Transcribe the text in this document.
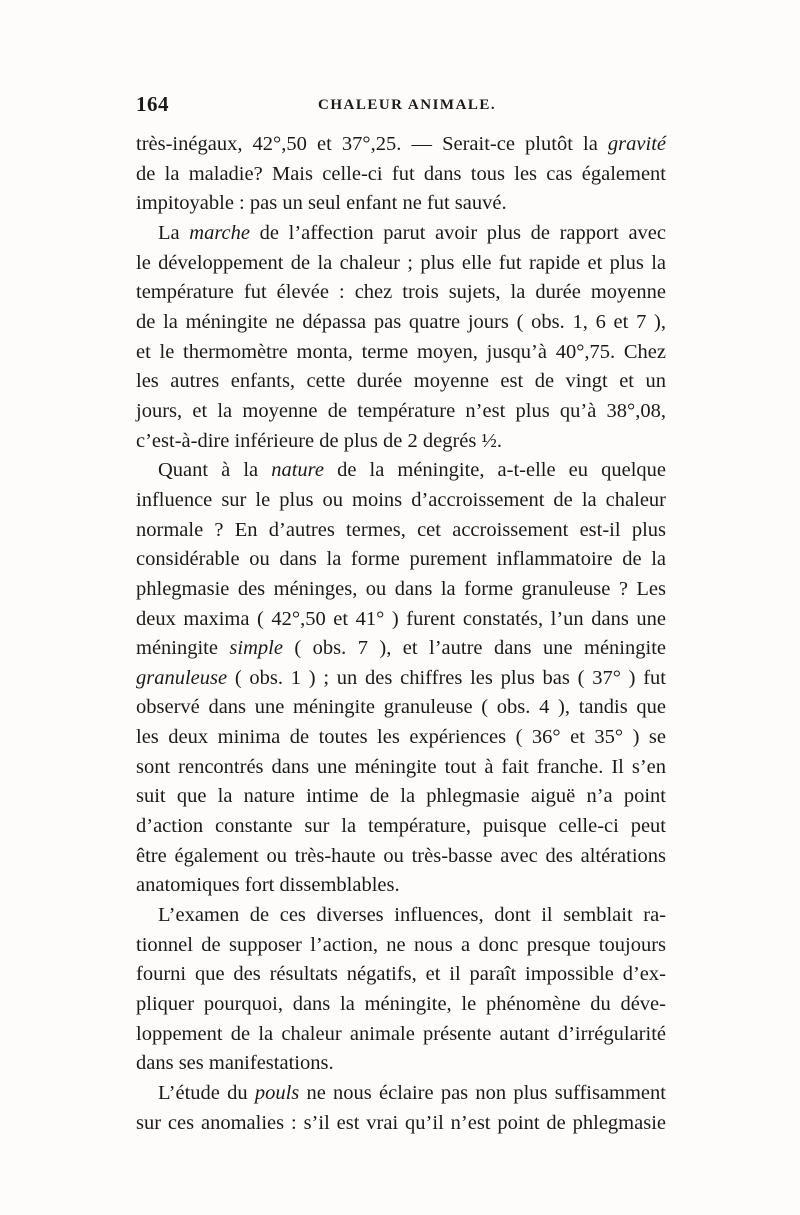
164	CHALEUR ANIMALE.
très-inégaux, 42°,50 et 37°,25. — Serait-ce plutôt la gravité
de la maladie? Mais celle-ci fut dans tous les cas également
impitoyable : pas un seul enfant ne fut sauvé.
La marche de l’affection parut avoir plus de rapport avec
le développement de la chaleur ; plus elle fut rapide et plus la
température fut élevée : chez trois sujets, la durée moyenne
de la méningite ne dépassa pas quatre jours ( obs. 1, 6 et 7 ),
et le thermomètre monta, terme moyen, jusqu’à 40°,75. Chez
les autres enfants, cette durée moyenne est de vingt et un
jours, et la moyenne de température n’est plus qu’à 38°,08,
c’est-à-dire inférieure de plus de 2 degrés ½.
Quant à la nature de la méningite, a-t-elle eu quelque
influence sur le plus ou moins d’accroissement de la chaleur
normale ? En d’autres termes, cet accroissement est-il plus
considérable ou dans la forme purement inflammatoire de la
phlegmasie des méninges, ou dans la forme granuleuse ? Les
deux maxima ( 42°,50 et 41° ) furent constatés, l’un dans une
méningite simple ( obs. 7 ), et l’autre dans une méningite
granuleuse ( obs. 1 ) ; un des chiffres les plus bas ( 37° ) fut
observé dans une méningite granuleuse ( obs. 4 ), tandis que
les deux minima de toutes les expériences ( 36° et 35° ) se
sont rencontrés dans une méningite tout à fait franche. Il s’en
suit que la nature intime de la phlegmasie aiguë n’a point
d’action constante sur la température, puisque celle-ci peut
être également ou très-haute ou très-basse avec des altérations
anatomiques fort dissemblables.
L’examen de ces diverses influences, dont il semblait ra-
tionnel de supposer l’action, ne nous a donc presque toujours
fourni que des résultats négatifs, et il paraît impossible d’ex-
pliquer pourquoi, dans la méningite, le phénomène du déve-
loppement de la chaleur animale présente autant d’irrégularité
dans ses manifestations.
L’étude du pouls ne nous éclaire pas non plus suffisamment
sur ces anomalies : s’il est vrai qu’il n’est point de phlegmasie
